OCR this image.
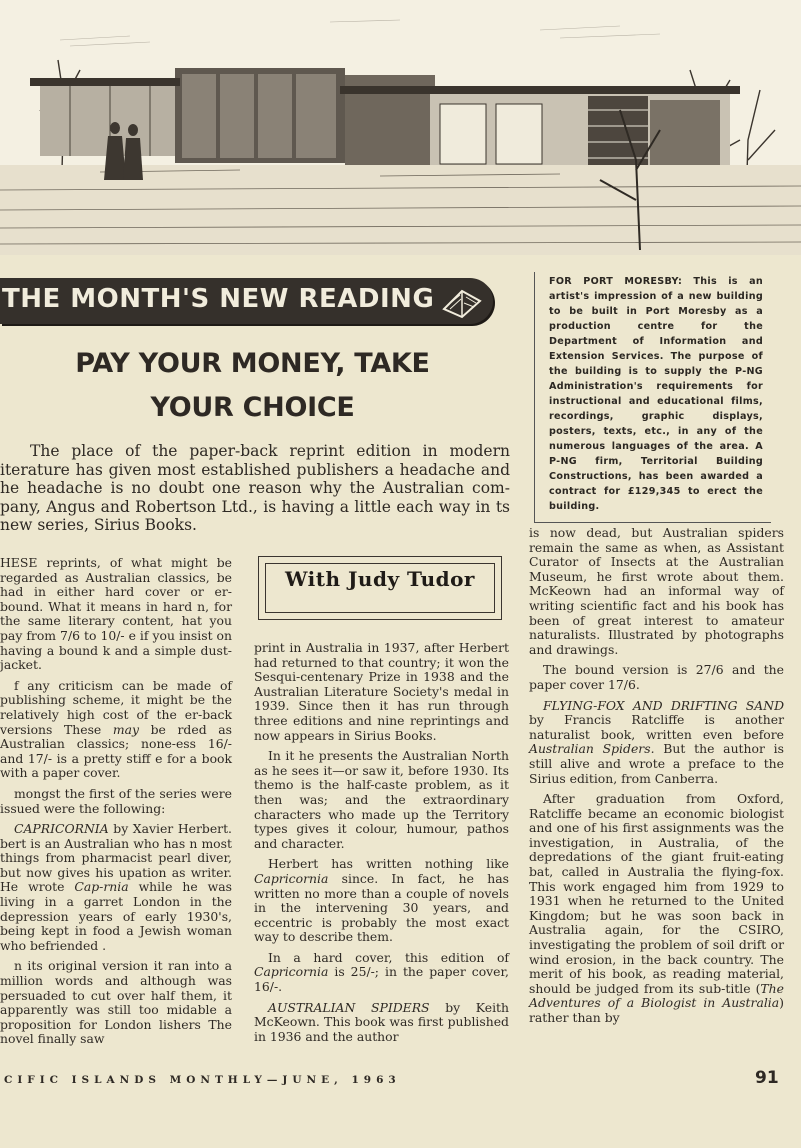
THE MONTH'S NEW READING
FOR PORT MORESBY: This is an artist's impression of a new building to be built in Port Moresby as a production centre for the Department of Information and Extension Services. The purpose of the building is to supply the P-NG Administration's requirements for instructional and educational films, recordings, graphic displays, posters, texts, etc., in any of the numerous languages of the area. A P-NG firm, Territorial Building Constructions, has been awarded a contract for £129,345 to erect the building.
PAY YOUR MONEY, TAKE
YOUR CHOICE
The place of the paper-back reprint edition in modern iterature has given most established publishers a headache and he headache is no doubt one reason why the Australian com-pany, Angus and Robertson Ltd., is having a little each way in ts new series, Sirius Books.
With Judy Tudor

HESE reprints, of what might be regarded as Australian classics, be had in either hard cover or er-bound. What it means in hard n, for the same literary content, hat you pay from 7/6 to 10/- e if you insist on having a bound k and a simple dust-jacket.

f any criticism can be made of publishing scheme, it might be the relatively high cost of the er-back versions These may be rded as Australian classics; none-ess 16/- and 17/- is a pretty stiff e for a book with a paper cover.

mongst the first of the series were issued were the following:

CAPRICORNIA by Xavier Herbert. bert is an Australian who has n most things from pharmacist pearl diver, but now gives his upation as writer. He wrote Cap-rnia while he was living in a garret London in the depression years of early 1930's, being kept in food a Jewish woman who befriended .

n its original version it ran into a million words and although was persuaded to cut over half them, it apparently was still too midable a proposition for London lishers The novel finally saw

print in Australia in 1937, after Herbert had returned to that country; it won the Sesqui-centenary Prize in 1938 and the Australian Literature Society's medal in 1939. Since then it has run through three editions and nine reprintings and now appears in Sirius Books.

In it he presents the Australian North as he sees it—or saw it, before 1930. Its themo is the half-caste problem, as it then was; and the extraordinary characters who made up the Territory types gives it colour, humour, pathos and character.

Herbert has written nothing like Capricornia since. In fact, he has written no more than a couple of novels in the intervening 30 years, and eccentric is probably the most exact way to describe them.

In a hard cover, this edition of Capricornia is 25/-; in the paper cover, 16/-.

AUSTRALIAN SPIDERS by Keith McKeown. This book was first published in 1936 and the author

is now dead, but Australian spiders remain the same as when, as Assistant Curator of Insects at the Australian Museum, he first wrote about them. McKeown had an informal way of writing scientific fact and his book has been of great interest to amateur naturalists. Illustrated by photographs and drawings.

The bound version is 27/6 and the paper cover 17/6.

FLYING-FOX AND DRIFTING SAND by Francis Ratcliffe is another naturalist book, written even before Australian Spiders. But the author is still alive and wrote a preface to the Sirius edition, from Canberra.

After graduation from Oxford, Ratcliffe became an economic biologist and one of his first assignments was the investigation, in Australia, of the depredations of the giant fruit-eating bat, called in Australia the flying-fox. This work engaged him from 1929 to 1931 when he returned to the United Kingdom; but he was soon back in Australia again, for the CSIRO, investigating the problem of soil drift or wind erosion, in the back country. The merit of his book, as reading material, should be judged from its sub-title (The Adventures of a Biologist in Australia) rather than by

CIFIC ISLANDS MONTHLY—JUNE, 1963	91
